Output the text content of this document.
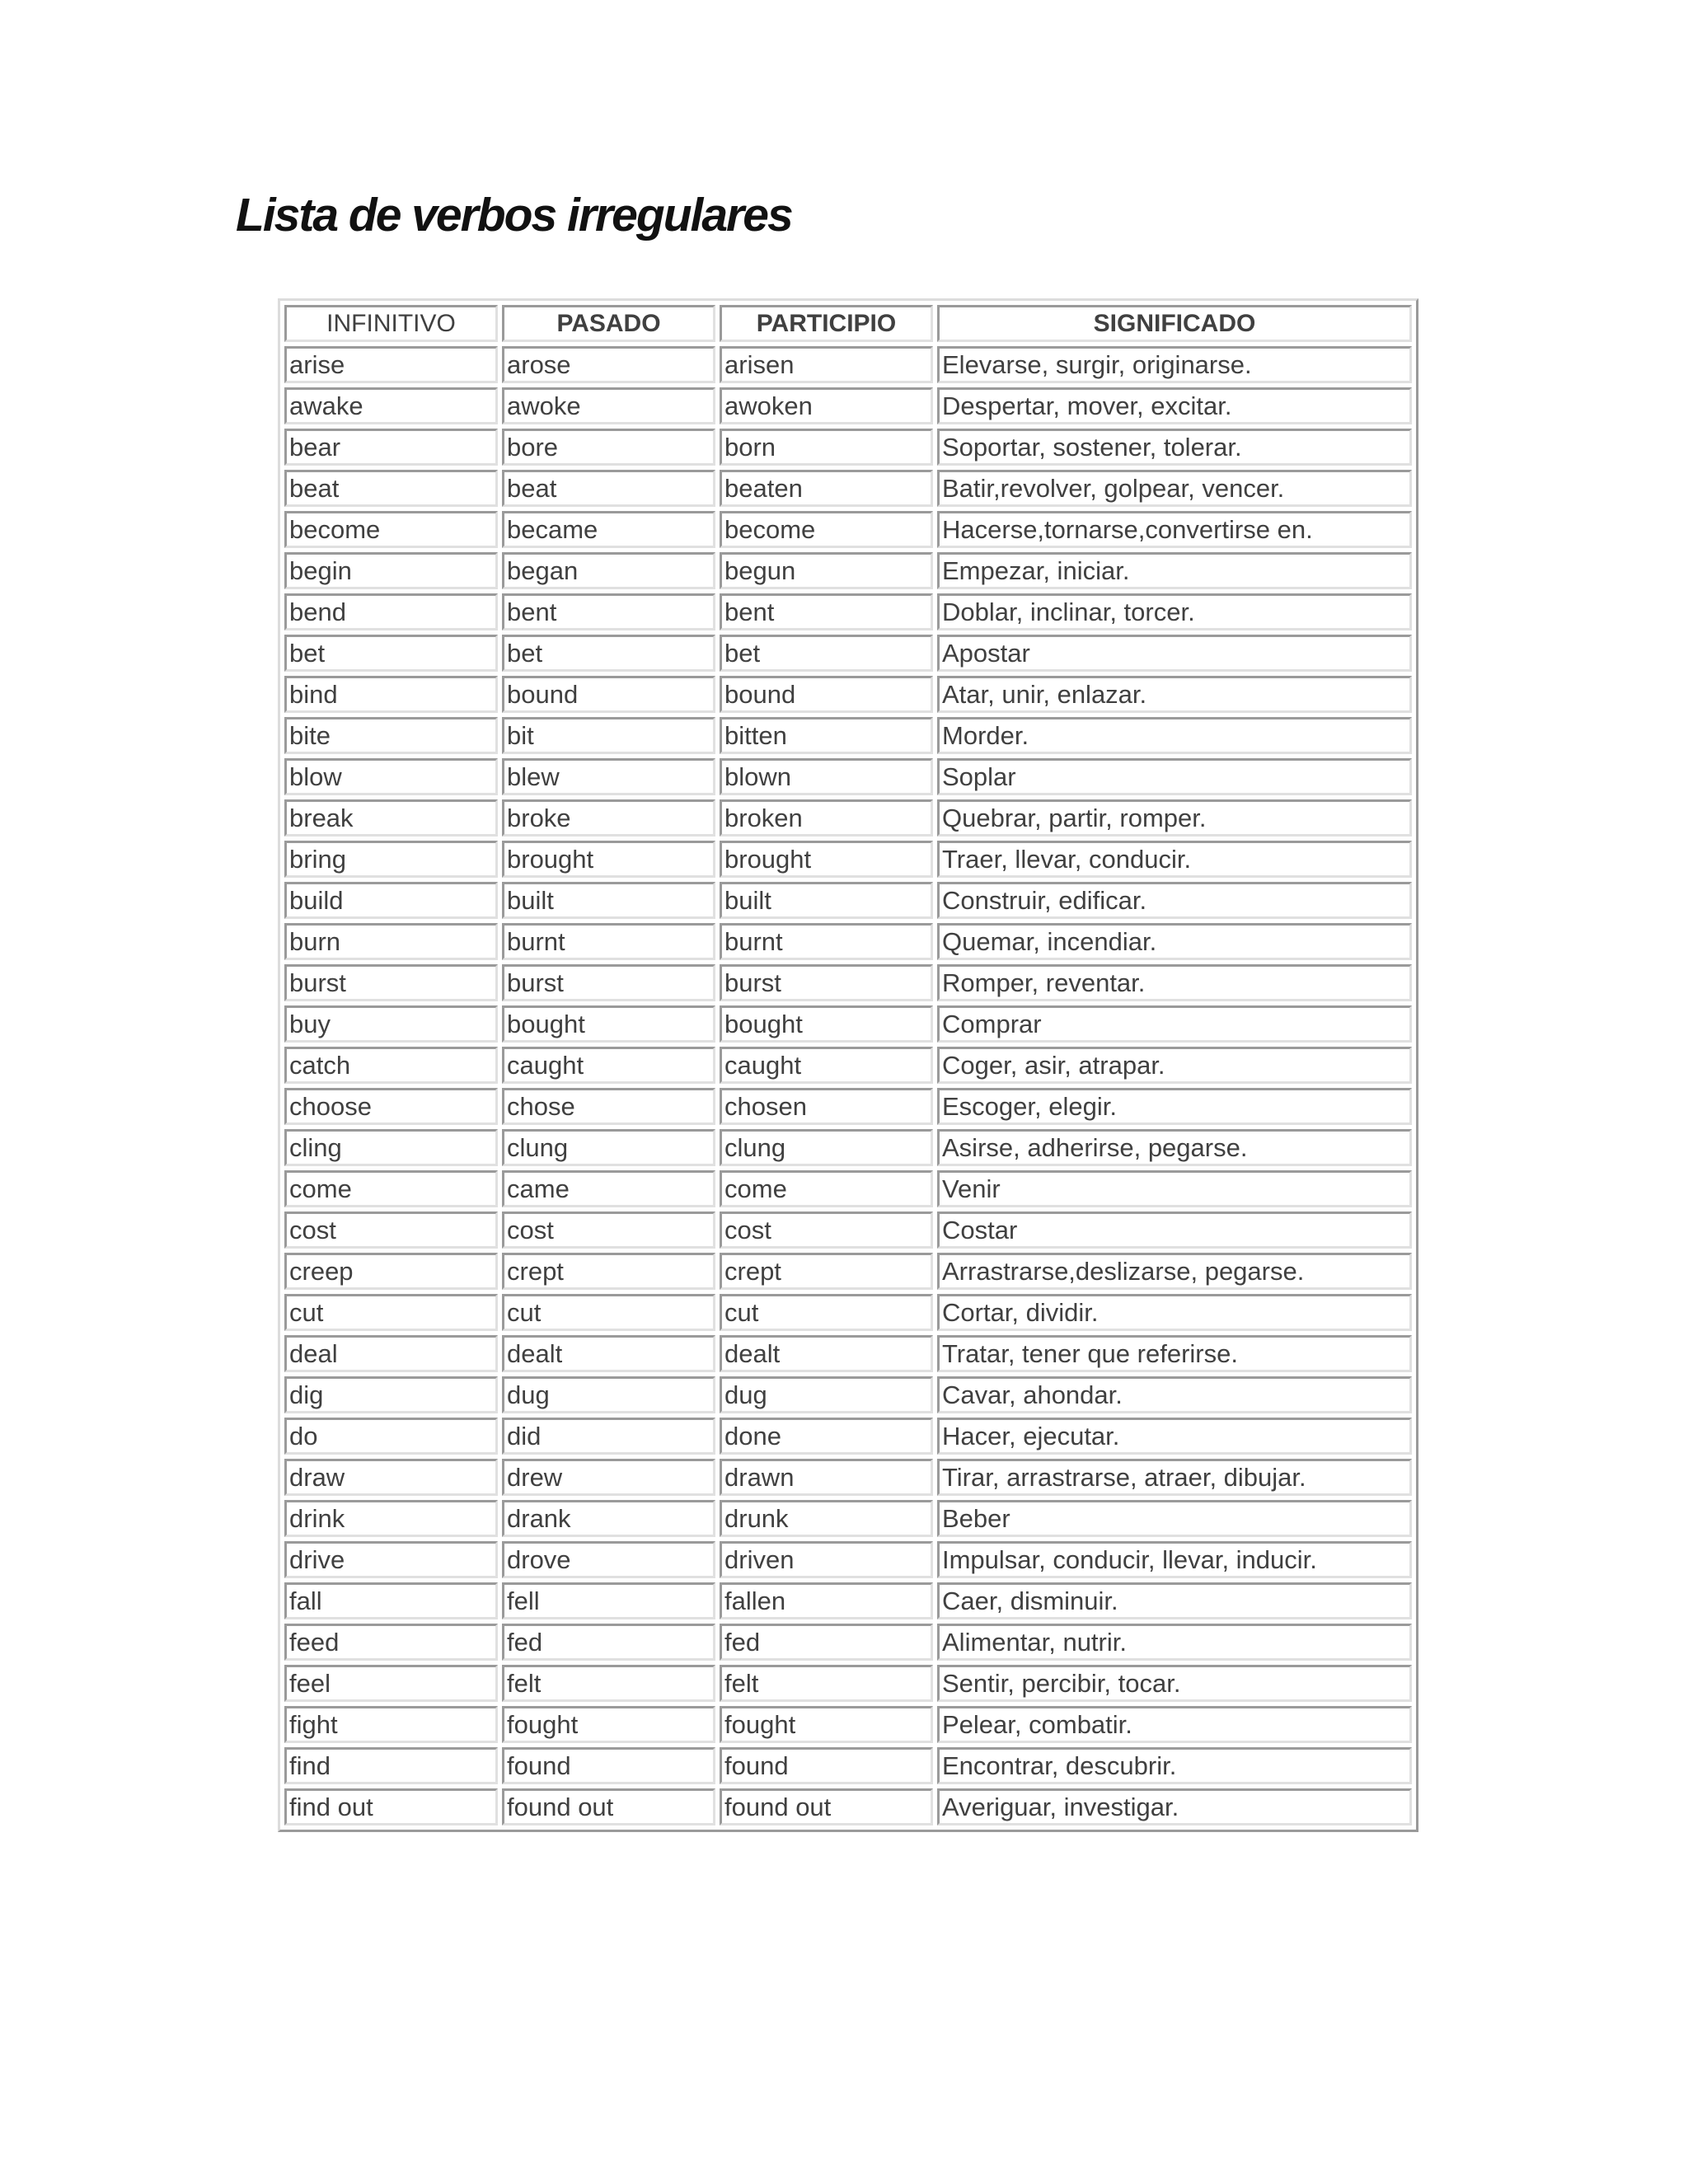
Lista de verbos irregulares
INFINITIVO	PASADO	PARTICIPIO	SIGNIFICADO
arise	arose	arisen	Elevarse, surgir, originarse.
awake	awoke	awoken	Despertar, mover, excitar.
bear	bore	born	Soportar, sostener, tolerar.
beat	beat	beaten	Batir,revolver, golpear, vencer.
become	became	become	Hacerse,tornarse,convertirse en.
begin	began	begun	Empezar, iniciar.
bend	bent	bent	Doblar, inclinar, torcer.
bet	bet	bet	Apostar
bind	bound	bound	Atar, unir, enlazar.
bite	bit	bitten	Morder.
blow	blew	blown	Soplar
break	broke	broken	Quebrar, partir, romper.
bring	brought	brought	Traer, llevar, conducir.
build	built	built	Construir, edificar.
burn	burnt	burnt	Quemar, incendiar.
burst	burst	burst	Romper, reventar.
buy	bought	bought	Comprar
catch	caught	caught	Coger, asir, atrapar.
choose	chose	chosen	Escoger, elegir.
cling	clung	clung	Asirse, adherirse, pegarse.
come	came	come	Venir
cost	cost	cost	Costar
creep	crept	crept	Arrastrarse,deslizarse, pegarse.
cut	cut	cut	Cortar, dividir.
deal	dealt	dealt	Tratar, tener que referirse.
dig	dug	dug	Cavar, ahondar.
do	did	done	Hacer, ejecutar.
draw	drew	drawn	Tirar, arrastrarse, atraer, dibujar.
drink	drank	drunk	Beber
drive	drove	driven	Impulsar, conducir, llevar, inducir.
fall	fell	fallen	Caer, disminuir.
feed	fed	fed	Alimentar, nutrir.
feel	felt	felt	Sentir, percibir, tocar.
fight	fought	fought	Pelear, combatir.
find	found	found	Encontrar, descubrir.
find out	found out	found out	Averiguar, investigar.
